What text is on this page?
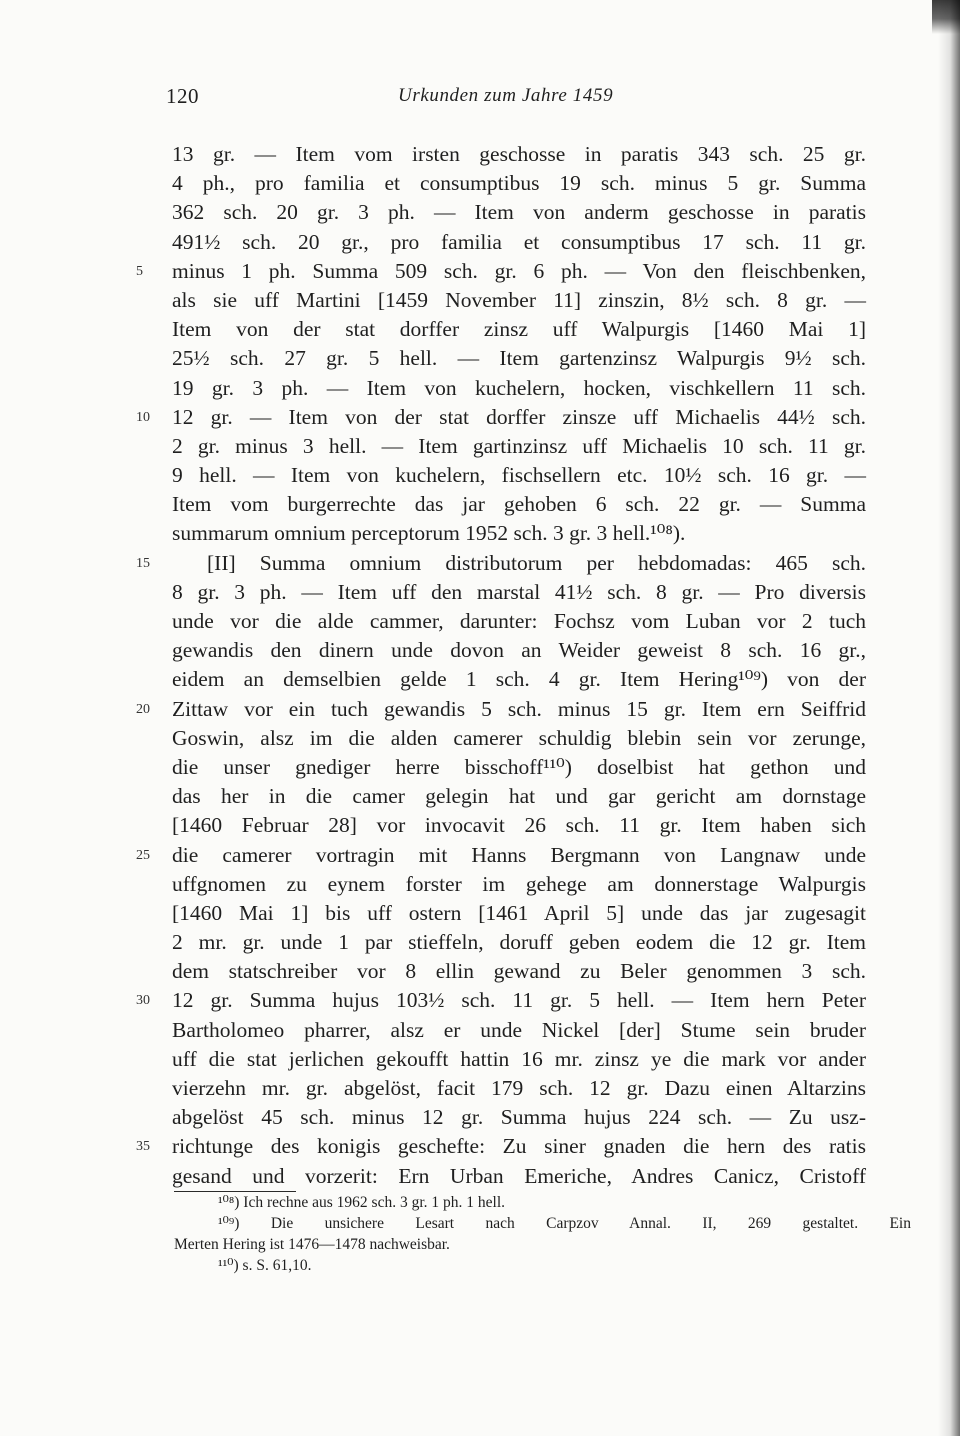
120	Urkunden zum Jahre 1459
13 gr. — Item vom irsten geschosse in paratis 343 sch. 25 gr.
4 ph., pro familia et consumptibus 19 sch. minus 5 gr. Summa
362 sch. 20 gr. 3 ph. — Item von anderm geschosse in paratis
491½ sch. 20 gr., pro familia et consumptibus 17 sch. 11 gr.
5	minus 1 ph. Summa 509 sch. gr. 6 ph. — Von den fleischbenken,
als sie uff Martini [1459 November 11] zinszin, 8½ sch. 8 gr. —
Item von der stat dorffer zinsz uff Walpurgis [1460 Mai 1]
25½ sch. 27 gr. 5 hell. — Item gartenzinsz Walpurgis 9½ sch.
19 gr. 3 ph. — Item von kuchelern, hocken, vischkellern 11 sch.
10	12 gr. — Item von der stat dorffer zinsze uff Michaelis 44½ sch.
2 gr. minus 3 hell. — Item gartinzinsz uff Michaelis 10 sch. 11 gr.
9 hell. — Item von kuchelern, fischsellern etc. 10½ sch. 16 gr. —
Item vom burgerrechte das jar gehoben 6 sch. 22 gr. — Summa
summarum omnium perceptorum 1952 sch. 3 gr. 3 hell.¹⁰⁸).
15	[II] Summa omnium distributorum per hebdomadas: 465 sch.
8 gr. 3 ph. — Item uff den marstal 41½ sch. 8 gr. — Pro diversis
unde vor die alde cammer, darunter: Fochsz vom Luban vor 2 tuch
gewandis den dinern unde dovon an Weider geweist 8 sch. 16 gr.,
eidem an demselbien gelde 1 sch. 4 gr. Item Hering¹⁰⁹) von der
20	Zittaw vor ein tuch gewandis 5 sch. minus 15 gr. Item ern Seiffrid
Goswin, alsz im die alden camerer schuldig blebin sein vor zerunge,
die unser gnediger herre bisschoff¹¹⁰) doselbist hat gethon und
das her in die camer gelegin hat und gar gericht am dornstage
[1460 Februar 28] vor invocavit 26 sch. 11 gr. Item haben sich
25	die camerer vortragin mit Hanns Bergmann von Langnaw unde
uffgnomen zu eynem forster im gehege am donnerstage Walpurgis
[1460 Mai 1] bis uff ostern [1461 April 5] unde das jar zugesagit
2 mr. gr. unde 1 par stieffeln, doruff geben eodem die 12 gr. Item
dem statschreiber vor 8 ellin gewand zu Beler genommen 3 sch.
30	12 gr. Summa hujus 103½ sch. 11 gr. 5 hell. — Item hern Peter
Bartholomeo pharrer, alsz er unde Nickel [der] Stume sein bruder
uff die stat jerlichen gekoufft hattin 16 mr. zinsz ye die mark vor ander
vierzehn mr. gr. abgelöst, facit 179 sch. 12 gr. Dazu einen Altarzins
abgelöst 45 sch. minus 12 gr. Summa hujus 224 sch. — Zu usz-
35	richtunge des konigis geschefte: Zu siner gnaden die hern des ratis
gesand und vorzerit: Ern Urban Emeriche, Andres Canicz, Cristoff
¹⁰⁸) Ich rechne aus 1962 sch. 3 gr. 1 ph. 1 hell.
¹⁰⁹) Die unsichere Lesart nach Carpzov Annal. II, 269 gestaltet. Ein
Merten Hering ist 1476—1478 nachweisbar.
¹¹⁰) s. S. 61,10.
